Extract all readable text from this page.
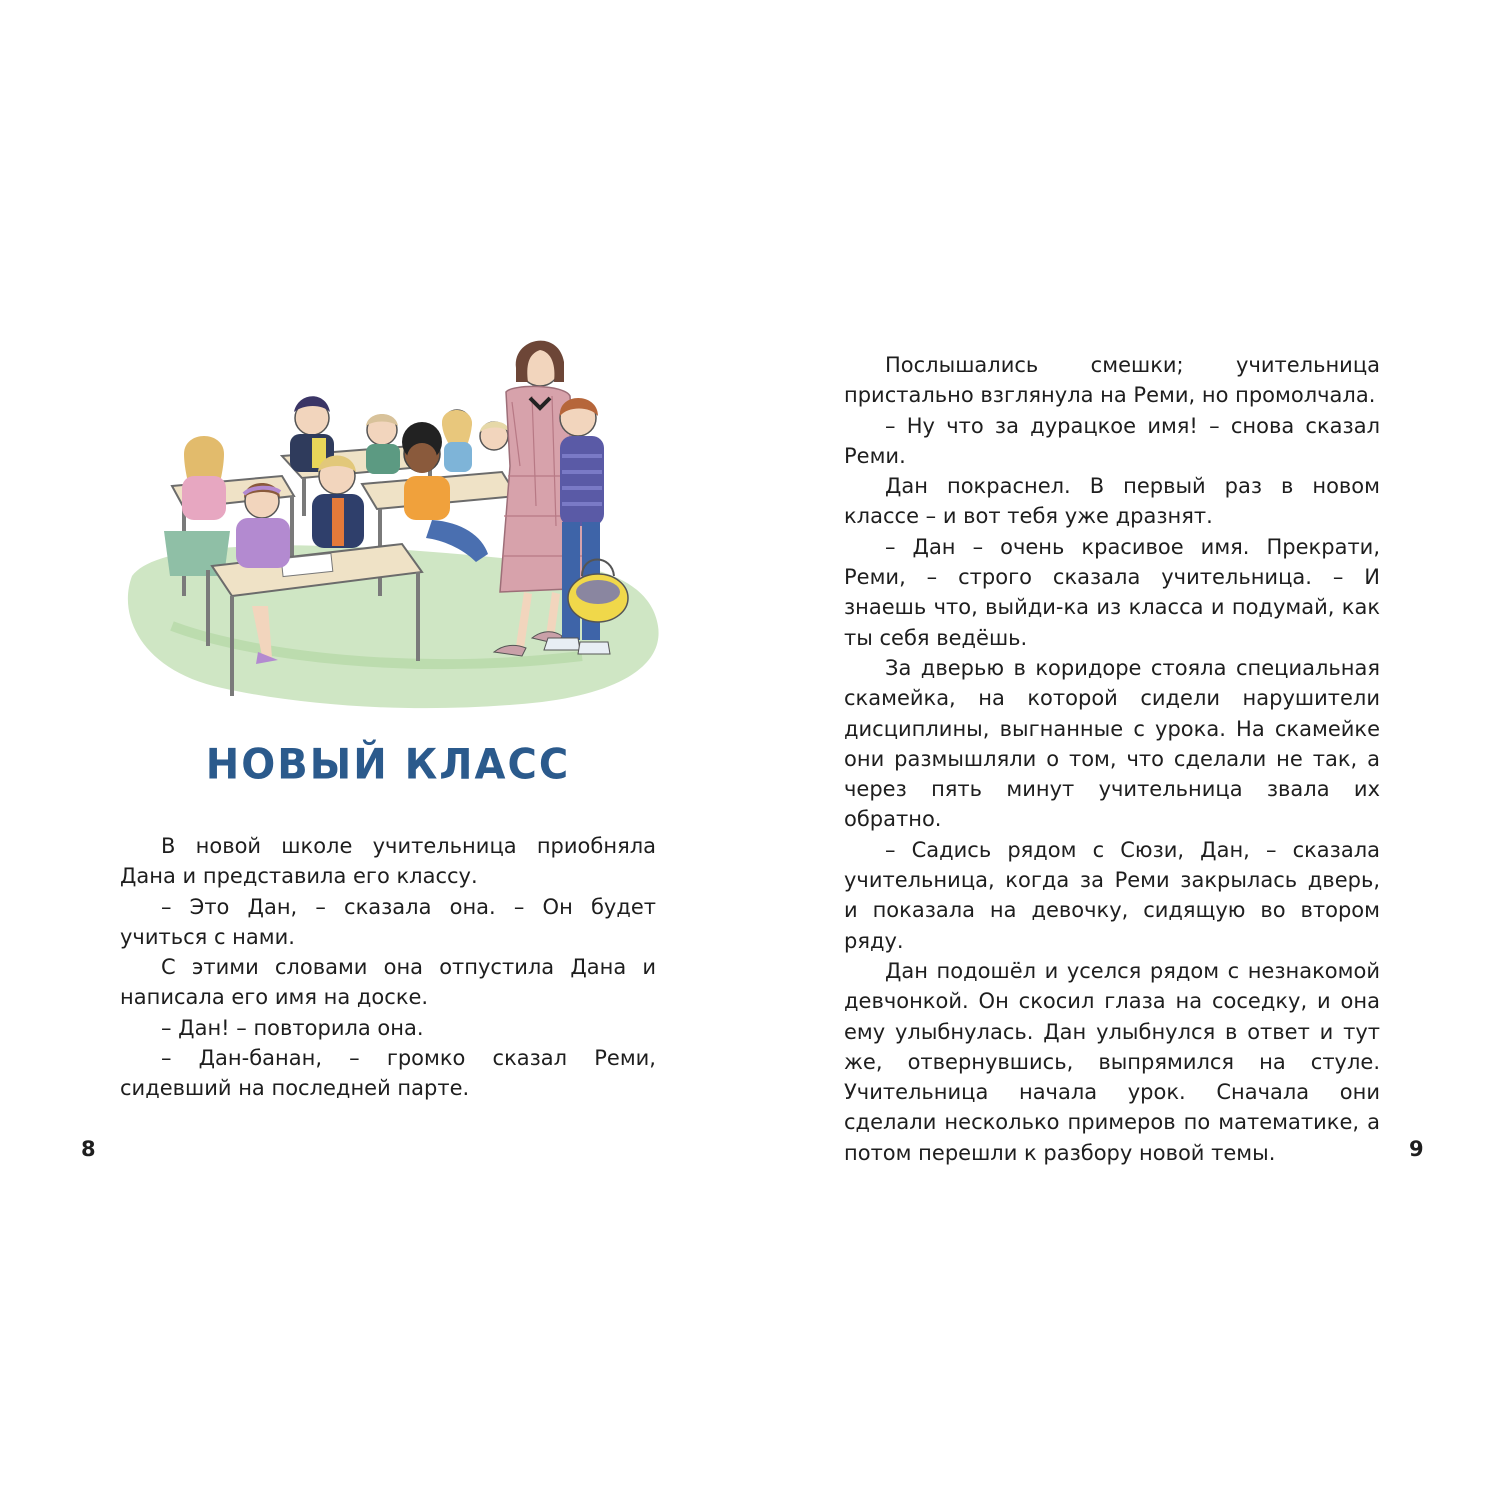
НОВЫЙ КЛАСС

В новой школе учительница приобняла Дана и представила его классу.

– Это Дан, – сказала она. – Он будет учиться с нами.

С этими словами она отпустила Дана и написала его имя на доске.

– Дан! – повторила она.

– Дан-банан, – громко сказал Реми, сидевший на последней парте.

Послышались смешки; учительница пристально взглянула на Реми, но промолчала.

– Ну что за дурацкое имя! – снова сказал Реми.

Дан покраснел. В первый раз в новом классе – и вот тебя уже дразнят.

– Дан – очень красивое имя. Прекрати, Реми, – строго сказала учительница. – И знаешь что, выйди-ка из класса и подумай, как ты себя ведёшь.

За дверью в коридоре стояла специальная скамейка, на которой сидели нарушители дисциплины, выгнанные с урока. На скамейке они размышляли о том, что сделали не так, а через пять минут учительница звала их обратно.

– Садись рядом с Сюзи, Дан, – сказала учительница, когда за Реми закрылась дверь, и показала на девочку, сидящую во втором ряду.

Дан подошёл и уселся рядом с незнакомой девчонкой. Он скосил глаза на соседку, и она ему улыбнулась. Дан улыбнулся в ответ и тут же, отвернувшись, выпрямился на стуле. Учительница начала урок. Сначала они сделали несколько примеров по математике, а потом перешли к разбору новой темы.

8	9
